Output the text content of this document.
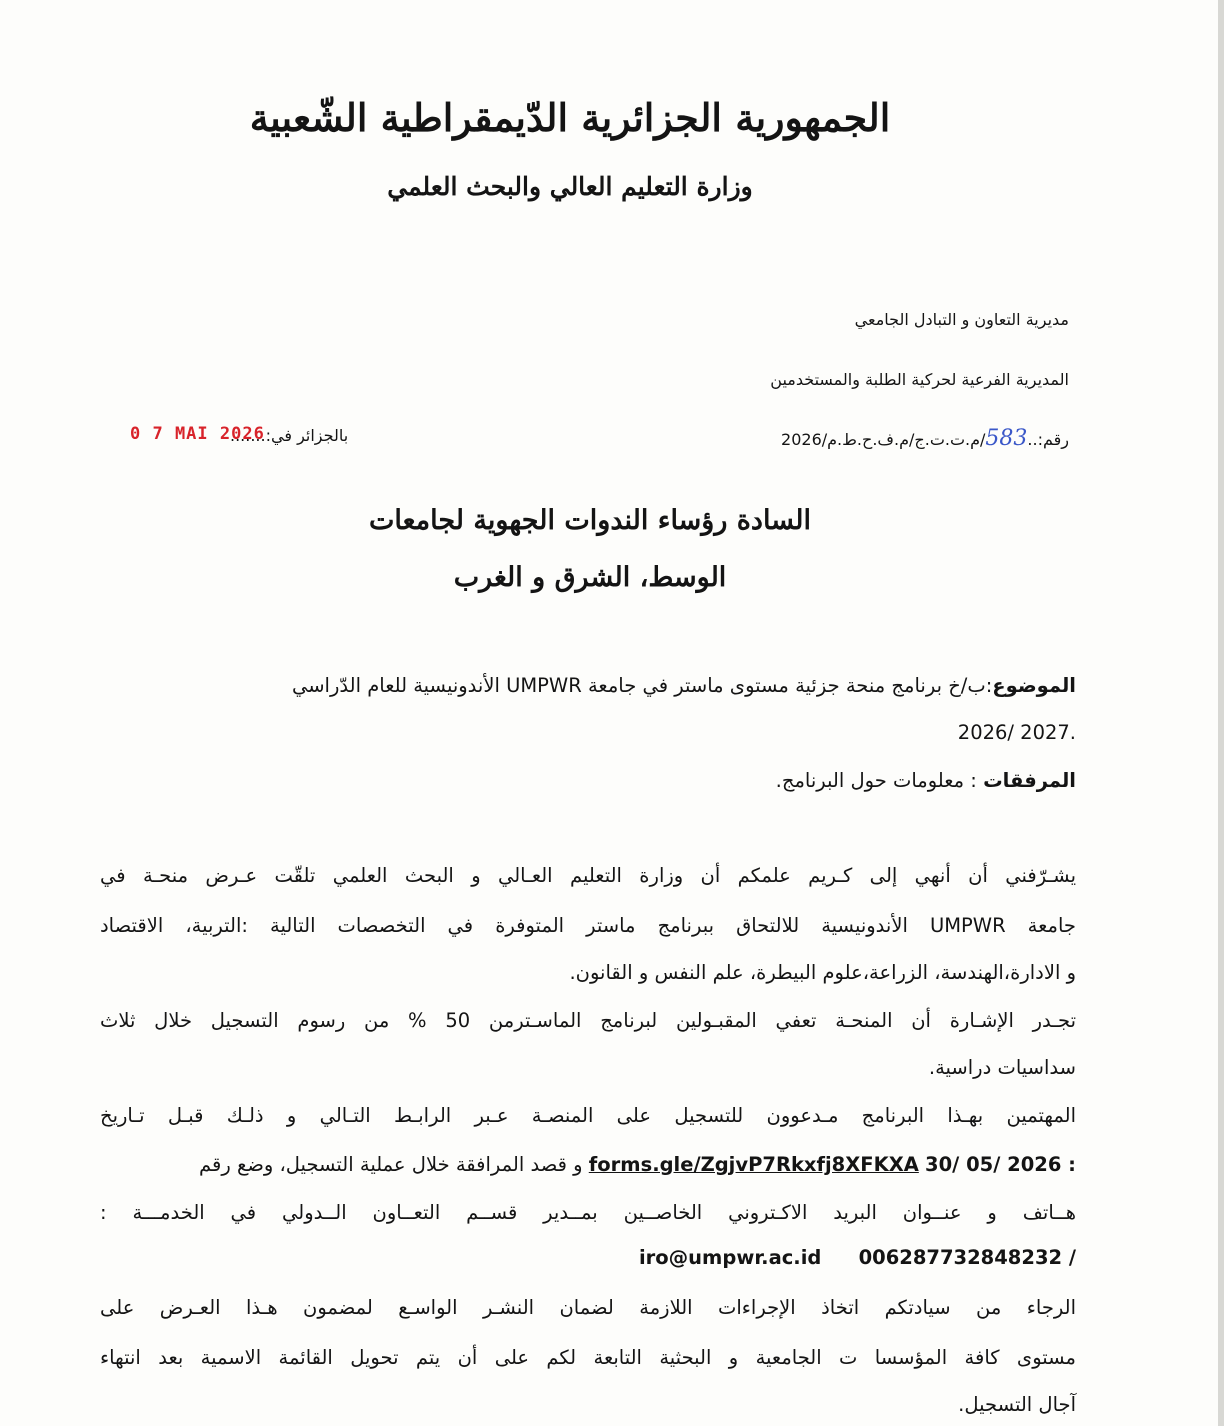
الجمهورية الجزائرية الدّيمقراطية الشّعبية
وزارة التعليم العالي والبحث العلمي
مديرية التعاون و التبادل الجامعي
المديرية الفرعية لحركية الطلبة والمستخدمين
رقم:..583/م.ت.ت.ج/م.ف.ح.ط.م/2026
بالجزائر في:.......
0 7 MAI 2026
السادة رؤساء الندوات الجهوية لجامعات
الوسط، الشرق و الغرب
الموضوع:ب/خ برنامج منحة جزئية مستوى ماستر في جامعة UMPWR الأندونيسية للعام الدّراسي
2026/ 2027.
المرفقات : معلومات حول البرنامج.
يشـرّفني أن أنهي إلى كـريم علمكم أن وزارة التعليم العـالي و البحث العلمي تلقّت عـرض منحـة في
جامعة UMPWR الأندونيسية للالتحاق ببرنامج ماستر المتوفرة في التخصصات التالية :التربية، الاقتصاد
و الادارة،الهندسة، الزراعة،علوم البيطرة، علم النفس و القانون.
تجـدر الإشـارة أن المنحـة تعفي المقبـولين لبرنامج الماسـترمن 50 % من رسوم التسجيل خلال ثلاث
سداسيات دراسية.
المهتمين بهـذا البرنامج مـدعوون للتسجيل على المنصـة عـبر الرابـط التـالي و ذلـك قبـل تـاريخ
30/ 05/ 2026 : forms.gle/ZgjvP7Rkxfj8XFKXA و قصد المرافقة خلال عملية التسجيل، وضع رقم
هــاتف و عنــوان البريد الاكـتروني الخاصــين بمــدير قســم التعــاون الــدولي في الخدمـــة :
006287732848232 /      iro@umpwr.ac.id
الرجاء من سيادتكم اتخاذ الإجراءات اللازمة لضمان النشـر الواسـع لمضمون هـذا العـرض على
مستوى كافة المؤسسا ت الجامعية و البحثية التابعة لكم على أن يتم تحويل القائمة الاسمية بعد انتهاء
آجال التسجيل.
